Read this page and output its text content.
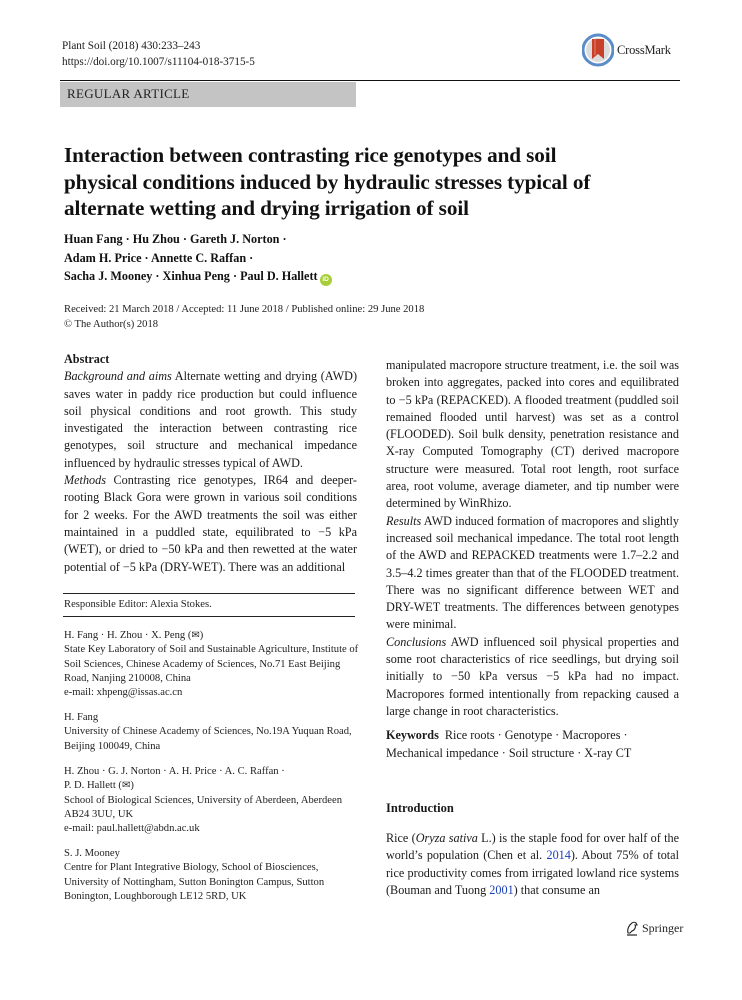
Plant Soil (2018) 430:233–243
https://doi.org/10.1007/s11104-018-3715-5
CrossMark
REGULAR ARTICLE
Interaction between contrasting rice genotypes and soil physical conditions induced by hydraulic stresses typical of alternate wetting and drying irrigation of soil
Huan Fang · Hu Zhou · Gareth J. Norton ·
Adam H. Price · Annette C. Raffan ·
Sacha J. Mooney · Xinhua Peng · Paul D. Hallett iD
Received: 21 March 2018 / Accepted: 11 June 2018 / Published online: 29 June 2018
© The Author(s) 2018

Abstract

Background and aims Alternate wetting and drying (AWD) saves water in paddy rice production but could influence soil physical conditions and root growth. This study investigated the interaction between contrasting rice genotypes, soil structure and mechanical impedance influenced by hydraulic stresses typical of AWD.

Methods Contrasting rice genotypes, IR64 and deeper-rooting Black Gora were grown in various soil conditions for 2 weeks. For the AWD treatments the soil was either maintained in a puddled state, equilibrated to −5 kPa (WET), or dried to −50 kPa and then rewetted at the water potential of −5 kPa (DRY-WET). There was an additional

Responsible Editor: Alexia Stokes.

H. Fang · H. Zhou · X. Peng (✉)

State Key Laboratory of Soil and Sustainable Agriculture, Institute of Soil Sciences, Chinese Academy of Sciences, No.71 East Beijing Road, Nanjing 210008, China

e-mail: xhpeng@issas.ac.cn

H. Fang

University of Chinese Academy of Sciences, No.19A Yuquan Road, Beijing 100049, China

H. Zhou · G. J. Norton · A. H. Price · A. C. Raffan ·

P. D. Hallett (✉)

School of Biological Sciences, University of Aberdeen, Aberdeen AB24 3UU, UK

e-mail: paul.hallett@abdn.ac.uk

S. J. Mooney

Centre for Plant Integrative Biology, School of Biosciences, University of Nottingham, Sutton Bonington Campus, Sutton Bonington, Loughborough LE12 5RD, UK

manipulated macropore structure treatment, i.e. the soil was broken into aggregates, packed into cores and equilibrated to −5 kPa (REPACKED). A flooded treatment (puddled soil remained flooded until harvest) was set as a control (FLOODED). Soil bulk density, penetration resistance and X-ray Computed Tomography (CT) derived macropore structure were measured. Total root length, root surface area, root volume, average diameter, and tip number were determined by WinRhizo.

Results AWD induced formation of macropores and slightly increased soil mechanical impedance. The total root length of the AWD and REPACKED treatments were 1.7–2.2 and 3.5–4.2 times greater than that of the FLOODED treatment. There was no significant difference between WET and DRY-WET treatments. The differences between genotypes were minimal.

Conclusions AWD influenced soil physical properties and some root characteristics of rice seedlings, but drying soil initially to −50 kPa versus −5 kPa had no impact. Macropores formed intentionally from repacking caused a large change in root characteristics.

Keywords Rice roots · Genotype · Macropores · Mechanical impedance · Soil structure · X-ray CT
Introduction
Rice (Oryza sativa L.) is the staple food for over half of the world’s population (Chen et al. 2014). About 75% of total rice productivity comes from irrigated lowland rice systems (Bouman and Tuong 2001) that consume an
Springer
